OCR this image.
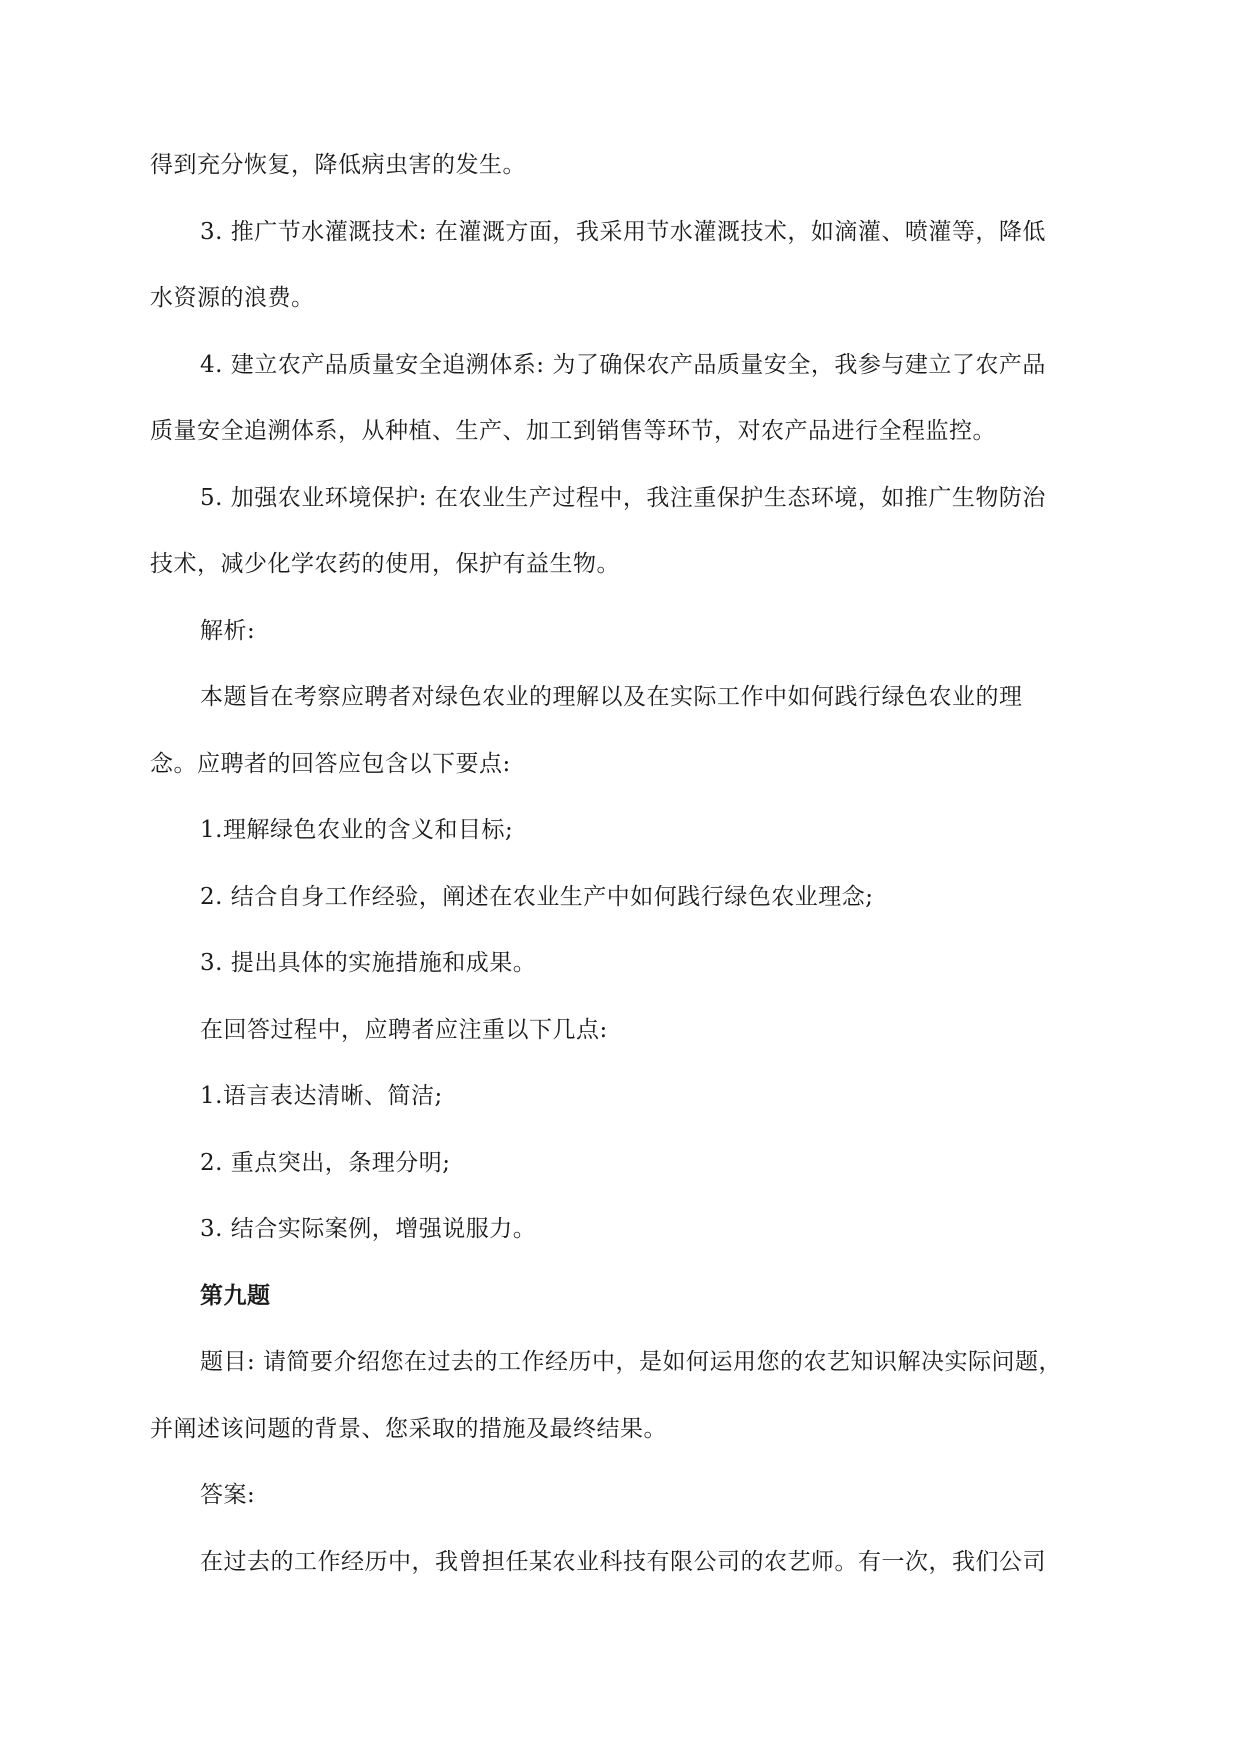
得到充分恢复，降低病虫害的发生。
3. 推广节水灌溉技术: 在灌溉方面，我采用节水灌溉技术，如滴灌、喷灌等，降低
水资源的浪费。
4. 建立农产品质量安全追溯体系: 为了确保农产品质量安全，我参与建立了农产品
质量安全追溯体系，从种植、生产、加工到销售等环节，对农产品进行全程监控。
5. 加强农业环境保护: 在农业生产过程中，我注重保护生态环境，如推广生物防治
技术，减少化学农药的使用，保护有益生物。
解析:
本题旨在考察应聘者对绿色农业的理解以及在实际工作中如何践行绿色农业的理
念。应聘者的回答应包含以下要点:
1.理解绿色农业的含义和目标;
2. 结合自身工作经验，阐述在农业生产中如何践行绿色农业理念;
3. 提出具体的实施措施和成果。
在回答过程中，应聘者应注重以下几点:
1.语言表达清晰、简洁;
2. 重点突出，条理分明;
3. 结合实际案例，增强说服力。
第九题
题目: 请简要介绍您在过去的工作经历中，是如何运用您的农艺知识解决实际问题，
并阐述该问题的背景、您采取的措施及最终结果。
答案:
在过去的工作经历中，我曾担任某农业科技有限公司的农艺师。有一次，我们公司
